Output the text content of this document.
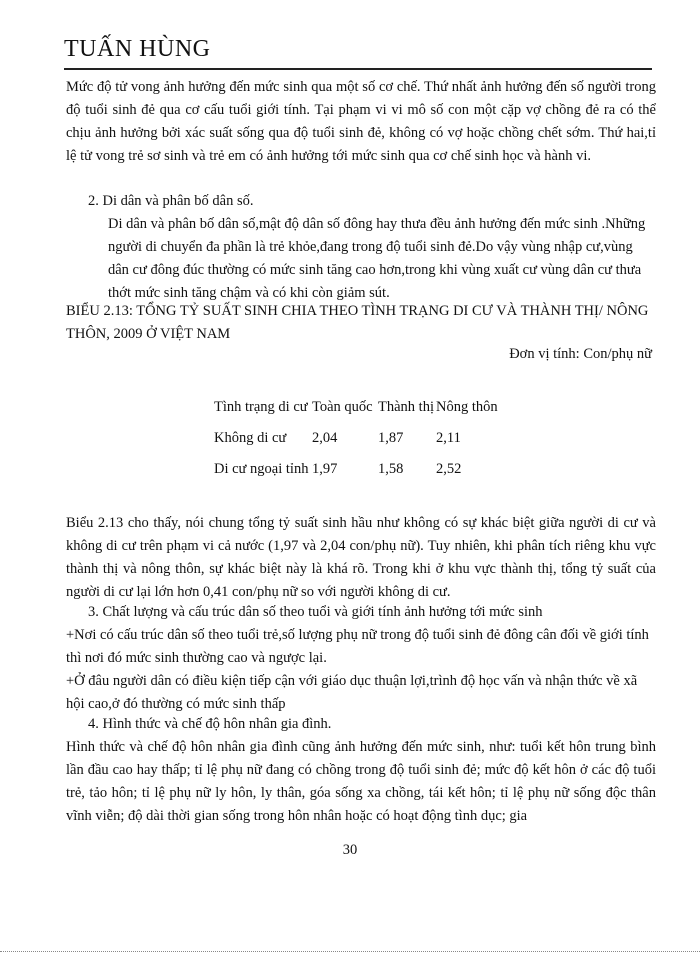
TUẤN HÙNG

Mức độ tử vong ảnh hưởng đến mức sinh qua một số cơ chế. Thứ nhất ảnh hưởng đến số người trong độ tuổi sinh đẻ qua cơ cấu tuổi giới tính. Tại phạm vi vi mô số con một cặp vợ chồng đẻ ra có thể chịu ảnh hưởng bởi xác suất sống qua độ tuổi sinh đẻ, không có vợ hoặc chồng chết sớm. Thứ hai,tỉ lệ tử vong trẻ sơ sinh và trẻ em có ảnh hưởng tới mức sinh qua cơ chế sinh học và hành vi.

2. Di dân và phân bố dân số.

Di dân và phân bố dân số,mật độ dân số đông hay thưa đều ảnh hưởng đến mức sinh .Những người di chuyển đa phần là trẻ khỏe,đang trong độ tuổi sinh đẻ.Do vậy vùng nhập cư,vùng dân cư đông đúc thường có mức sinh tăng cao hơn,trong khi vùng xuất cư vùng dân cư thưa thớt mức sinh tăng chậm và có khi còn giảm sút.

BIỂU 2.13: TỔNG TỶ SUẤT SINH CHIA THEO TÌNH TRẠNG DI CƯ VÀ THÀNH THỊ/ NÔNG THÔN, 2009 Ở VIỆT NAM

Đơn vị tính: Con/phụ nữ

Tình trạng di cư	Toàn quốc	Thành thị	Nông thôn
Không di cư	2,04	1,87	2,11
Di cư ngoại tỉnh	1,97	1,58	2,52

Biểu 2.13 cho thấy, nói chung tổng tỷ suất sinh hầu như không có sự khác biệt giữa người di cư và không di cư trên phạm vi cả nước (1,97 và 2,04 con/phụ nữ). Tuy nhiên, khi phân tích riêng khu vực thành thị và nông thôn, sự khác biệt này là khá rõ. Trong khi ở khu vực thành thị, tổng tỷ suất của người di cư lại lớn hơn 0,41 con/phụ nữ so với người không di cư.

3. Chất lượng và cấu trúc dân số theo tuổi và giới tính ảnh hưởng tới mức sinh

+Nơi có cấu trúc dân số theo tuổi trẻ,số lượng phụ nữ trong độ tuổi sinh đẻ đông cân đối về giới tính thì nơi đó mức sinh thường cao và ngược lại.

+Ở đâu người dân có điều kiện tiếp cận với giáo dục thuận lợi,trình độ học vấn và nhận thức về xã hội cao,ở đó thường có mức sinh thấp

4. Hình thức và chế độ hôn nhân gia đình.

Hình thức và chế độ hôn nhân gia đình cũng ảnh hưởng đến mức sinh, như: tuổi kết hôn trung bình lần đầu cao hay thấp; tỉ lệ phụ nữ đang có chồng trong độ tuổi sinh đẻ; mức độ kết hôn ở các độ tuổi trẻ, tảo hôn; tỉ lệ phụ nữ ly hôn, ly thân, góa sống xa chồng, tái kết hôn; tỉ lệ phụ nữ sống độc thân vĩnh viễn; độ dài thời gian sống trong hôn nhân hoặc có hoạt động tình dục; gia

30
